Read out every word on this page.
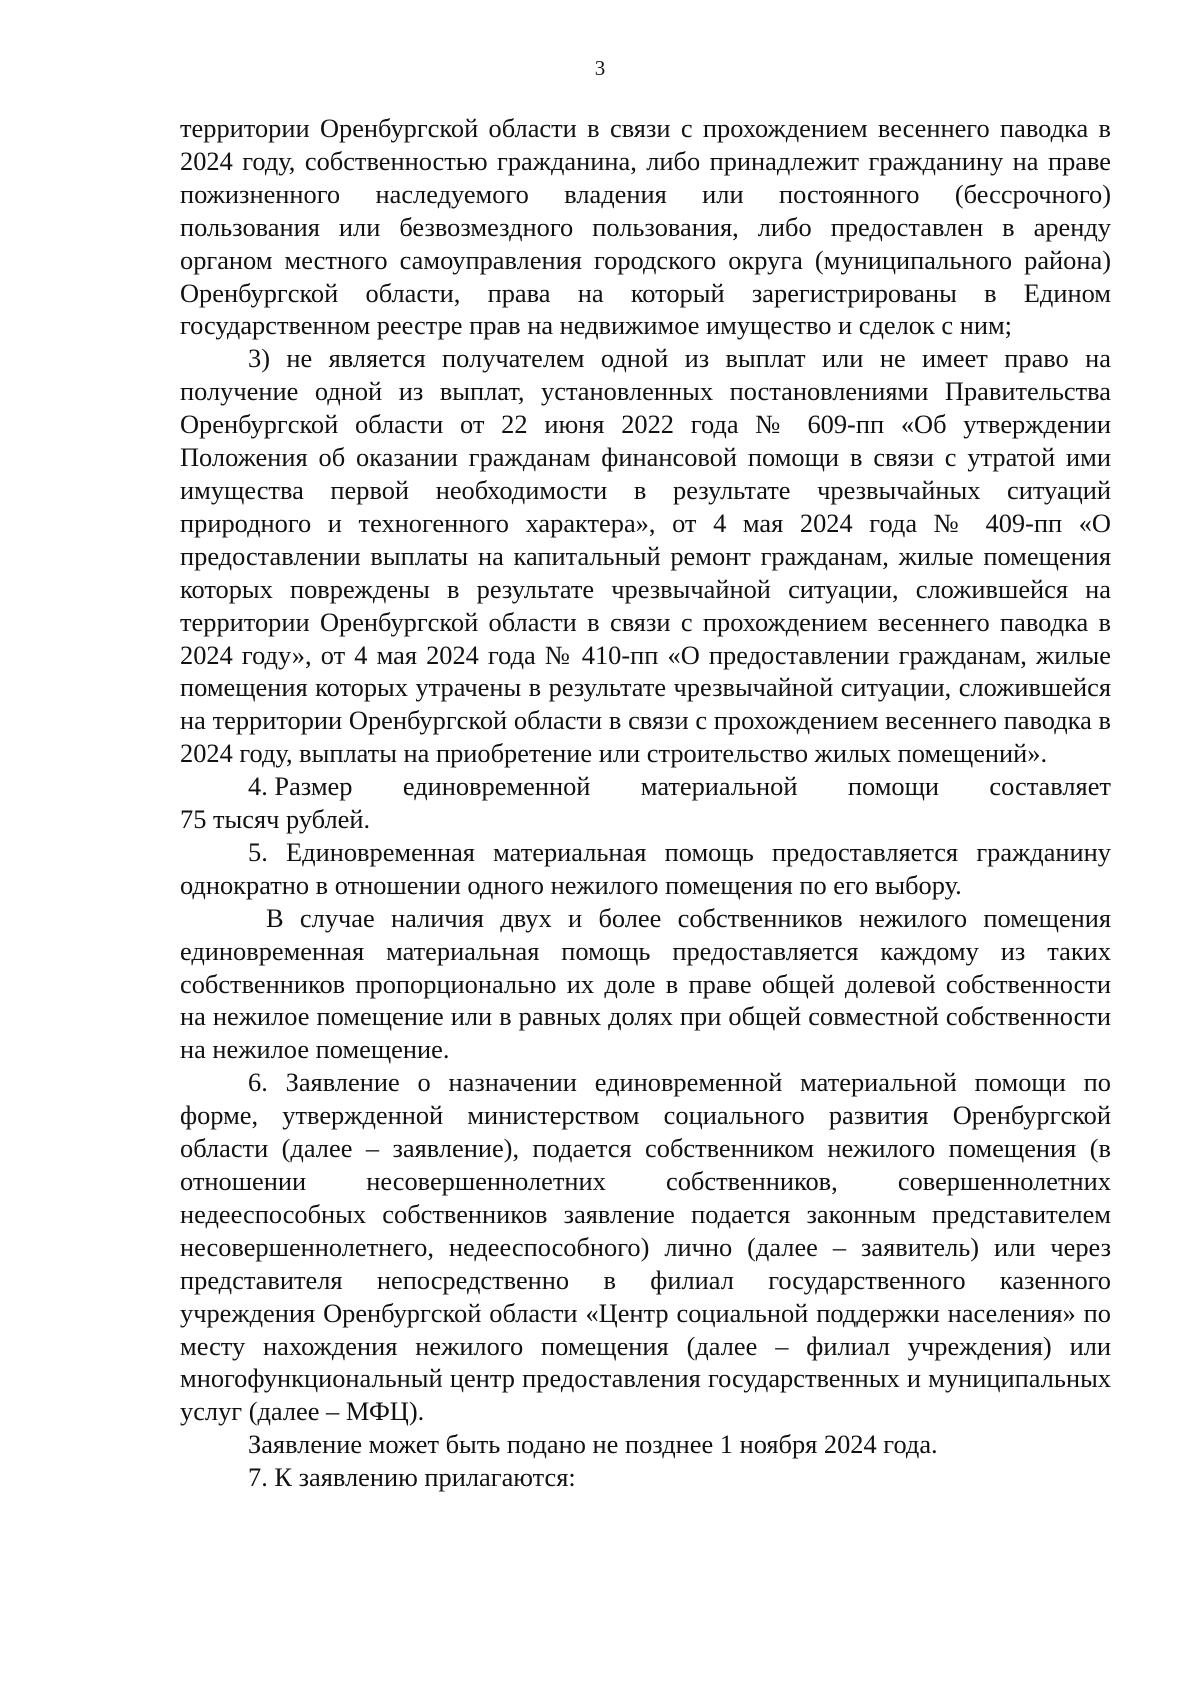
3

территории Оренбургской области в связи с прохождением весеннего паводка в 2024 году, собственностью гражданина, либо принадлежит гражданину на праве пожизненного наследуемого владения или постоянного (бессрочного) пользования или безвозмездного пользования, либо предоставлен в аренду органом местного самоуправления городского округа (муниципального района) Оренбургской области, права на который зарегистрированы в Едином государственном реестре прав на недвижимое имущество и сделок с ним;

3) не является получателем одной из выплат или не имеет право на получение одной из выплат, установленных постановлениями Правительства Оренбургской области от 22 июня 2022 года № 609-пп «Об утверждении Положения об оказании гражданам финансовой помощи в связи с утратой ими имущества первой необходимости в результате чрезвычайных ситуаций природного и техногенного характера», от 4 мая 2024 года № 409-пп «О предоставлении выплаты на капитальный ремонт гражданам, жилые помещения которых повреждены в результате чрезвычайной ситуации, сложившейся на территории Оренбургской области в связи с прохождением весеннего паводка в 2024 году», от 4 мая 2024 года № 410-пп «О предоставлении гражданам, жилые помещения которых утрачены в результате чрезвычайной ситуации, сложившейся на территории Оренбургской области в связи с прохождением весеннего паводка в 2024 году, выплаты на приобретение или строительство жилых помещений».

4. Размер единовременной материальной помощи составляет

75 тысяч рублей.

5. Единовременная материальная помощь предоставляется гражданину однократно в отношении одного нежилого помещения по его выбору.

В случае наличия двух и более собственников нежилого помещения единовременная материальная помощь предоставляется каждому из таких собственников пропорционально их доле в праве общей долевой собственности на нежилое помещение или в равных долях при общей совместной собственности на нежилое помещение.

6. Заявление о назначении единовременной материальной помощи по форме, утвержденной министерством социального развития Оренбургской области (далее – заявление), подается собственником нежилого помещения (в отношении несовершеннолетних собственников, совершеннолетних недееспособных собственников заявление подается законным представителем несовершеннолетнего, недееспособного) лично (далее – заявитель) или через представителя непосредственно в филиал государственного казенного учреждения Оренбургской области «Центр социальной поддержки населения» по месту нахождения нежилого помещения (далее – филиал учреждения) или многофункциональный центр предоставления государственных и муниципальных услуг (далее – МФЦ).

Заявление может быть подано не позднее 1 ноября 2024 года.

7. К заявлению прилагаются:
